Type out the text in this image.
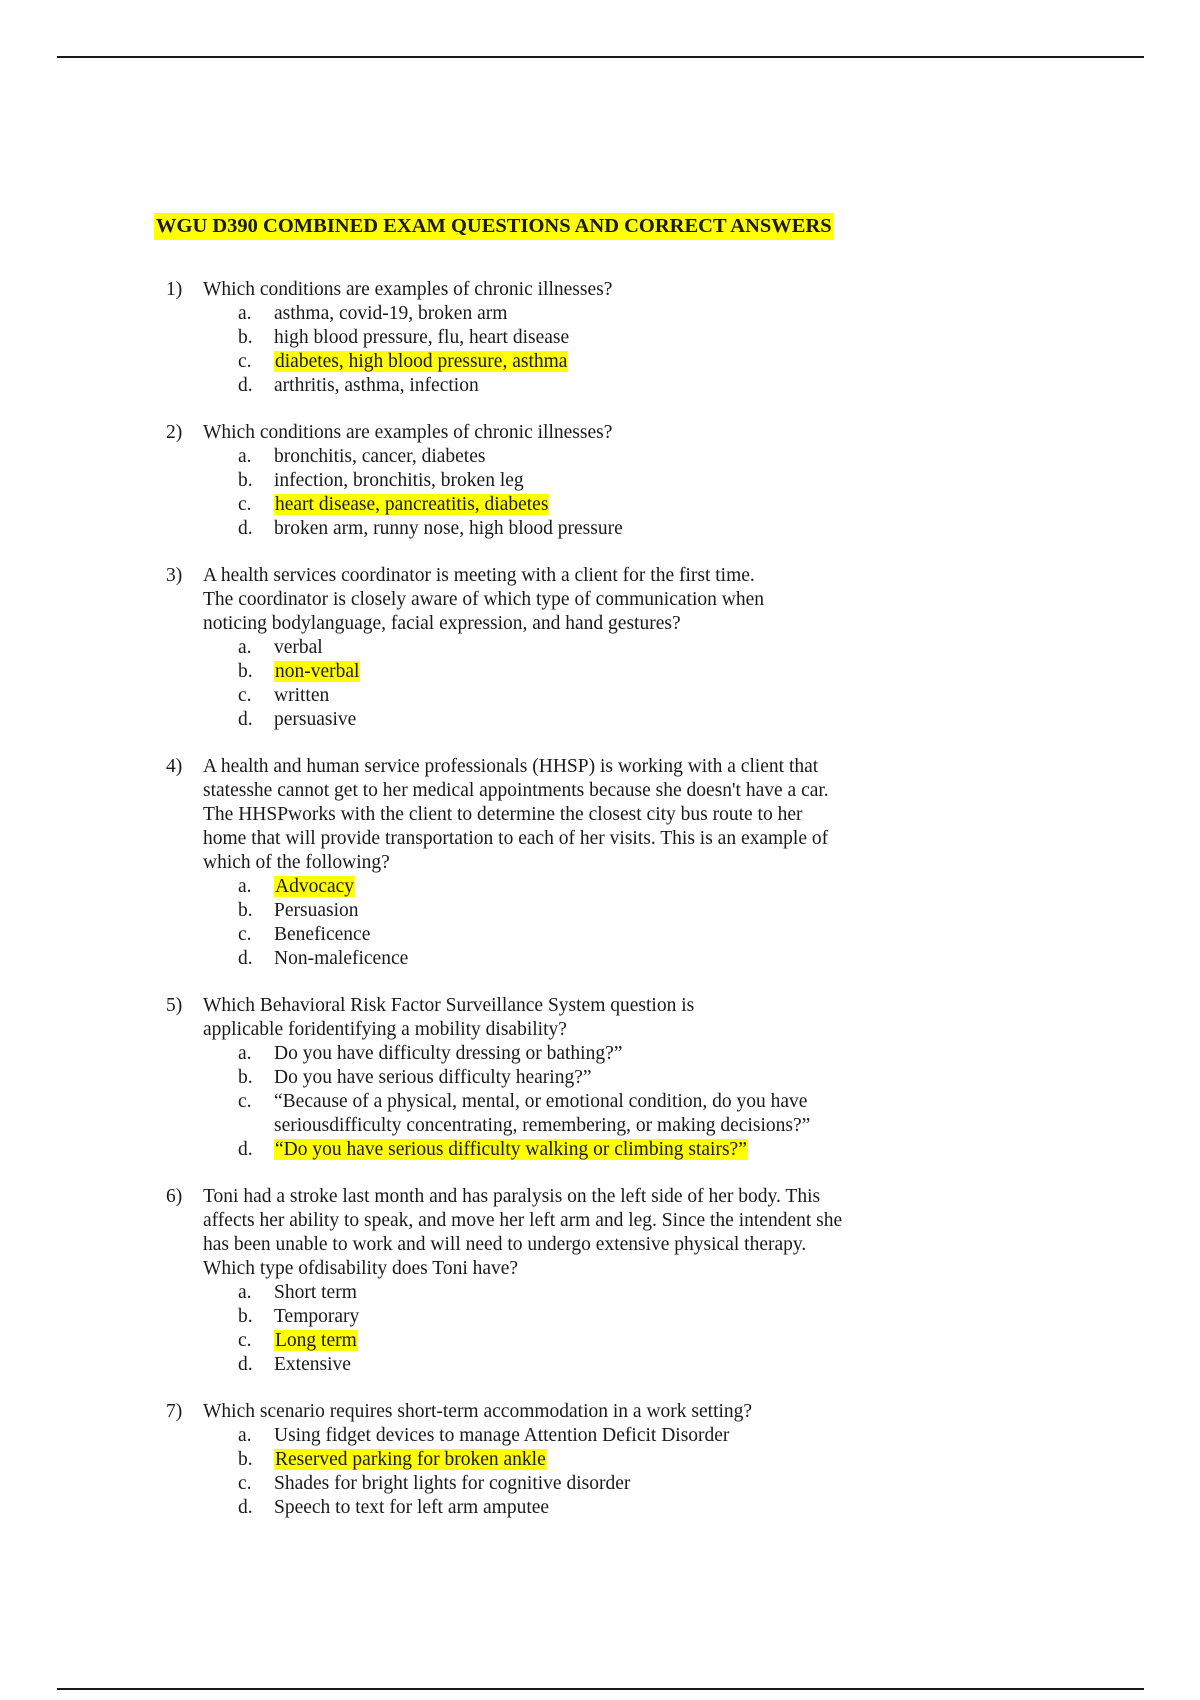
WGU D390 COMBINED EXAM QUESTIONS AND CORRECT ANSWERS
1) Which conditions are examples of chronic illnesses?
a. asthma, covid-19, broken arm
b. high blood pressure, flu, heart disease
c. diabetes, high blood pressure, asthma
d. arthritis, asthma, infection
2) Which conditions are examples of chronic illnesses?
a. bronchitis, cancer, diabetes
b. infection, bronchitis, broken leg
c. heart disease, pancreatitis, diabetes
d. broken arm, runny nose, high blood pressure
3) A health services coordinator is meeting with a client for the first time.
The coordinator is closely aware of which type of communication when
noticing bodylanguage, facial expression, and hand gestures?
a. verbal
b. non-verbal
c. written
d. persuasive
4) A health and human service professionals (HHSP) is working with a client that
statesshe cannot get to her medical appointments because she doesn't have a car.
The HHSPworks with the client to determine the closest city bus route to her
home that will provide transportation to each of her visits. This is an example of
which of the following?
a. Advocacy
b. Persuasion
c. Beneficence
d. Non-maleficence
5) Which Behavioral Risk Factor Surveillance System question is
applicable foridentifying a mobility disability?
a. Do you have difficulty dressing or bathing?”
b. Do you have serious difficulty hearing?”
c. “Because of a physical, mental, or emotional condition, do you have
seriousdifficulty concentrating, remembering, or making decisions?”
d. “Do you have serious difficulty walking or climbing stairs?”
6) Toni had a stroke last month and has paralysis on the left side of her body. This
affects her ability to speak, and move her left arm and leg. Since the intendent she
has been unable to work and will need to undergo extensive physical therapy.
Which type ofdisability does Toni have?
a. Short term
b. Temporary
c. Long term
d. Extensive
7) Which scenario requires short-term accommodation in a work setting?
a. Using fidget devices to manage Attention Deficit Disorder
b. Reserved parking for broken ankle
c. Shades for bright lights for cognitive disorder
d. Speech to text for left arm amputee
